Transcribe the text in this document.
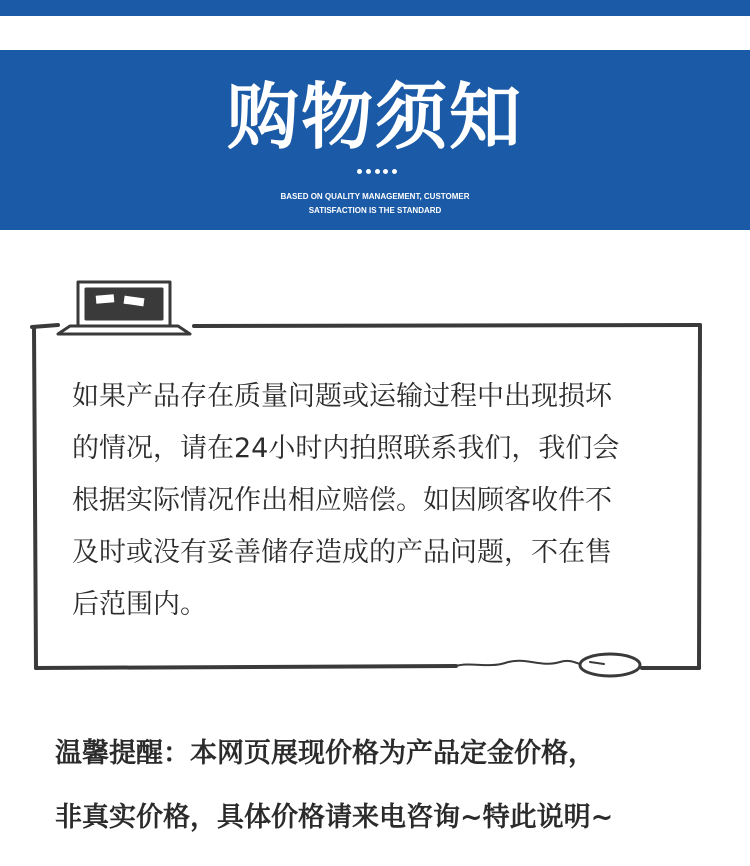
购物须知
BASED ON QUALITY MANAGEMENT, CUSTOMER
SATISFACTION IS THE STANDARD
如果产品存在质量问题或运输过程中出现损坏
的情况，请在24小时内拍照联系我们，我们会
根据实际情况作出相应赔偿。如因顾客收件不
及时或没有妥善储存造成的产品问题，不在售
后范围内。
温馨提醒：本网页展现价格为产品定金价格，
非真实价格，具体价格请来电咨询~特此说明~
